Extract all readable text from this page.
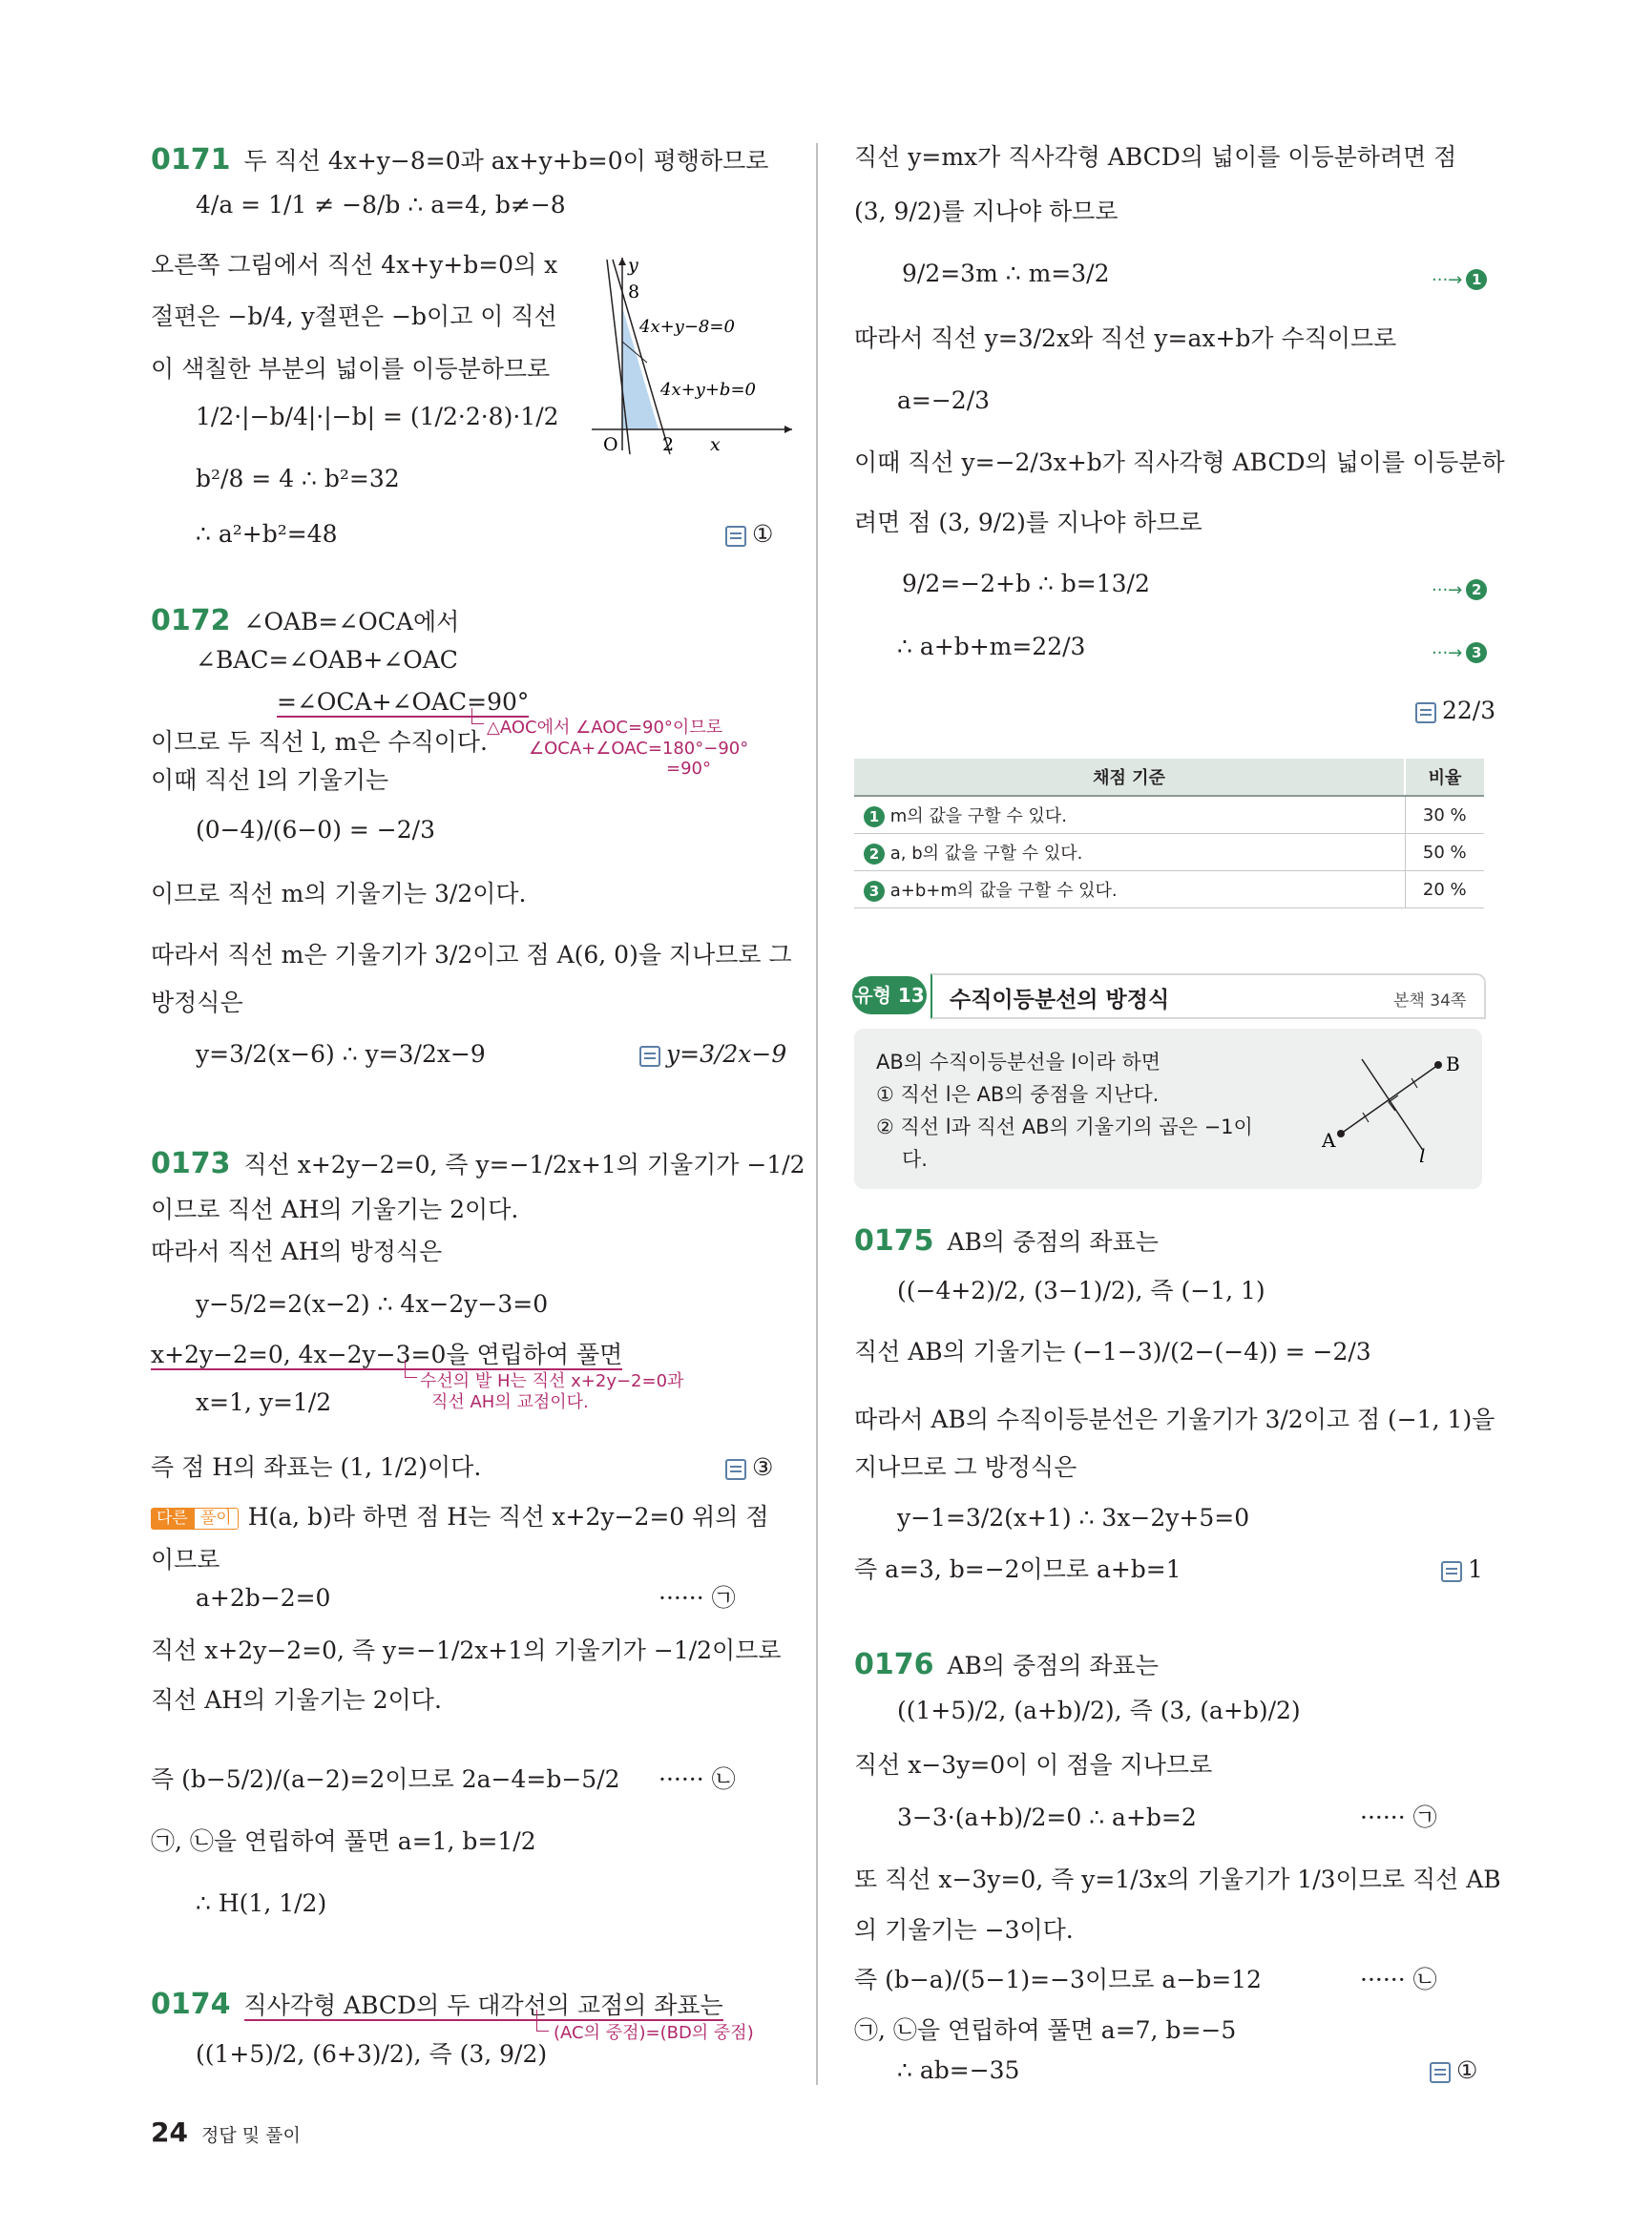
0171 두 직선 4x+y−8=0과 ax+y+b=0이 평행하므로
4/a = 1/1 ≠ −8/b ∴ a=4, b≠−8
오른쪽 그림에서 직선 4x+y+b=0의 x
절편은 −b/4, y절편은 −b이고 이 직선
이 색칠한 부분의 넓이를 이등분하므로
1/2·|−b/4|·|−b| = (1/2·2·8)·1/2
b²/8 = 4 ∴ b²=32
∴ a²+b²=48	①
y
8
4x+y−8=0
4x+y+b=0
O 2 x
0172 ∠OAB=∠OCA에서
∠BAC=∠OAB+∠OAC
=∠OCA+∠OAC=90°
이므로 두 직선 l, m은 수직이다.
△AOC에서 ∠AOC=90°이므로
∠OCA+∠OAC=180°−90°
=90°
이때 직선 l의 기울기는
(0−4)/(6−0) = −2/3
이므로 직선 m의 기울기는 3/2이다.
따라서 직선 m은 기울기가 3/2이고 점 A(6, 0)을 지나므로 그
방정식은
y=3/2(x−6) ∴ y=3/2x−9	y=3/2x−9
0173 직선 x+2y−2=0, 즉 y=−1/2x+1의 기울기가 −1/2
이므로 직선 AH의 기울기는 2이다.
따라서 직선 AH의 방정식은
y−5/2=2(x−2) ∴ 4x−2y−3=0
x+2y−2=0, 4x−2y−3=0을 연립하여 풀면
수선의 발 H는 직선 x+2y−2=0과
직선 AH의 교점이다.
x=1, y=1/2
즉 점 H의 좌표는 (1, 1/2)이다.	③
다른 풀이 H(a, b)라 하면 점 H는 직선 x+2y−2=0 위의 점
이므로
a+2b−2=0	······ ㉠
직선 x+2y−2=0, 즉 y=−1/2x+1의 기울기가 −1/2이므로
직선 AH의 기울기는 2이다.
즉 (b−5/2)/(a−2)=2이므로 2a−4=b−5/2 ······ ㉡
㉠, ㉡을 연립하여 풀면 a=1, b=1/2
∴ H(1, 1/2)
0174 직사각형 ABCD의 두 대각선의 교점의 좌표는
(AC의 중점)=(BD의 중점)
((1+5)/2, (6+3)/2), 즉 (3, 9/2)
24 정답 및 풀이
직선 y=mx가 직사각형 ABCD의 넓이를 이등분하려면 점
(3, 9/2)를 지나야 하므로
9/2=3m ∴ m=3/2	···→ 1
따라서 직선 y=3/2x와 직선 y=ax+b가 수직이므로
a=−2/3
이때 직선 y=−2/3x+b가 직사각형 ABCD의 넓이를 이등분하
려면 점 (3, 9/2)를 지나야 하므로
9/2=−2+b ∴ b=13/2	···→ 2
∴ a+b+m=22/3	···→ 3
22/3
채점 기준	비율
1 m의 값을 구할 수 있다.	30 %
2 a, b의 값을 구할 수 있다.	50 %
3 a+b+m의 값을 구할 수 있다.	20 %
유형 13 수직이등분선의 방정식	본책 34쪽
AB의 수직이등분선을 l이라 하면
① 직선 l은 AB의 중점을 지난다.
② 직선 l과 직선 AB의 기울기의 곱은 −1이
다.
A
B
l
0175 AB의 중점의 좌표는
((−4+2)/2, (3−1)/2), 즉 (−1, 1)
직선 AB의 기울기는 (−1−3)/(2−(−4)) = −2/3
따라서 AB의 수직이등분선은 기울기가 3/2이고 점 (−1, 1)을
지나므로 그 방정식은
y−1=3/2(x+1) ∴ 3x−2y+5=0
즉 a=3, b=−2이므로 a+b=1	1
0176 AB의 중점의 좌표는
((1+5)/2, (a+b)/2), 즉 (3, (a+b)/2)
직선 x−3y=0이 이 점을 지나므로
3−3·(a+b)/2=0 ∴ a+b=2	······ ㉠
또 직선 x−3y=0, 즉 y=1/3x의 기울기가 1/3이므로 직선 AB
의 기울기는 −3이다.
즉 (b−a)/(5−1)=−3이므로 a−b=12	······ ㉡
㉠, ㉡을 연립하여 풀면 a=7, b=−5
∴ ab=−35	①
